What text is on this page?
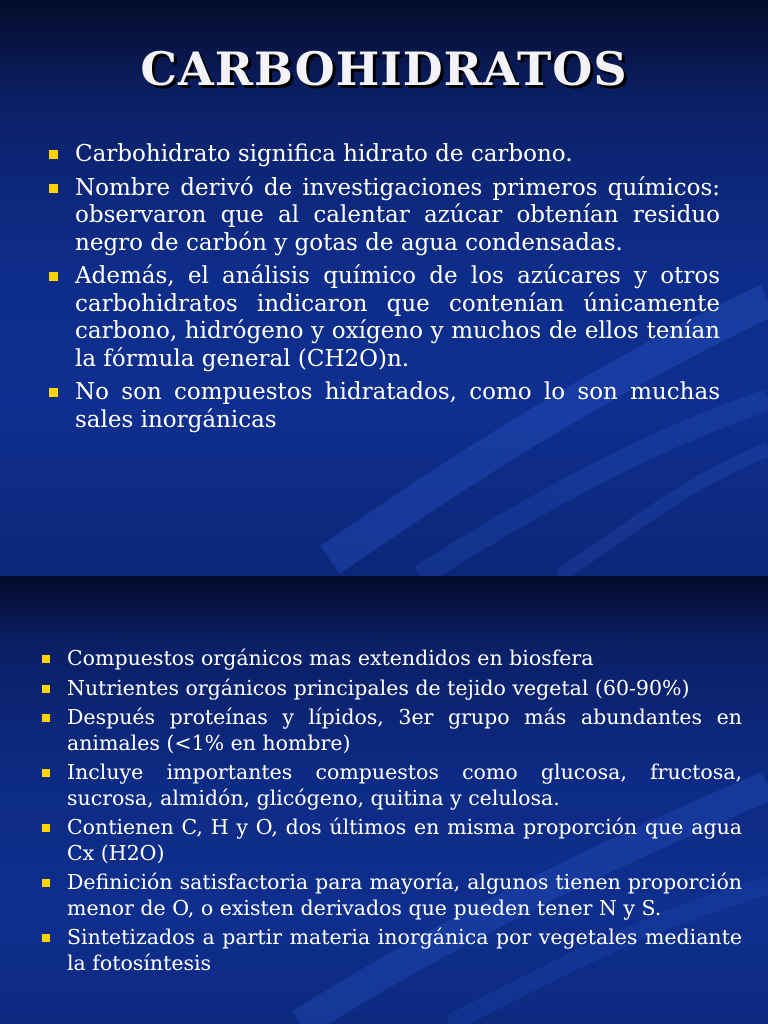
CARBOHIDRATOS
Carbohidrato significa hidrato de carbono.
Nombre derivó de investigaciones primeros químicos: observaron que al calentar azúcar obtenían residuo negro de carbón y gotas de agua condensadas.
Además, el análisis químico de los azúcares y otros carbohidratos indicaron que contenían únicamente carbono, hidrógeno y oxígeno y muchos de ellos tenían la fórmula general (CH2O)n.
No son compuestos hidratados, como lo son muchas sales inorgánicas
Compuestos orgánicos mas extendidos en biosfera
Nutrientes orgánicos principales de tejido vegetal (60-90%)
Después proteínas y lípidos, 3er grupo más abundantes en animales (<1% en hombre)
Incluye importantes compuestos como glucosa, fructosa, sucrosa, almidón, glicógeno, quitina y celulosa.
Contienen C, H y O, dos últimos en misma proporción que agua Cx (H2O)
Definición satisfactoria para mayoría, algunos tienen proporción menor de O, o existen derivados que pueden tener N y S.
Sintetizados a partir materia inorgánica por vegetales mediante la fotosíntesis
